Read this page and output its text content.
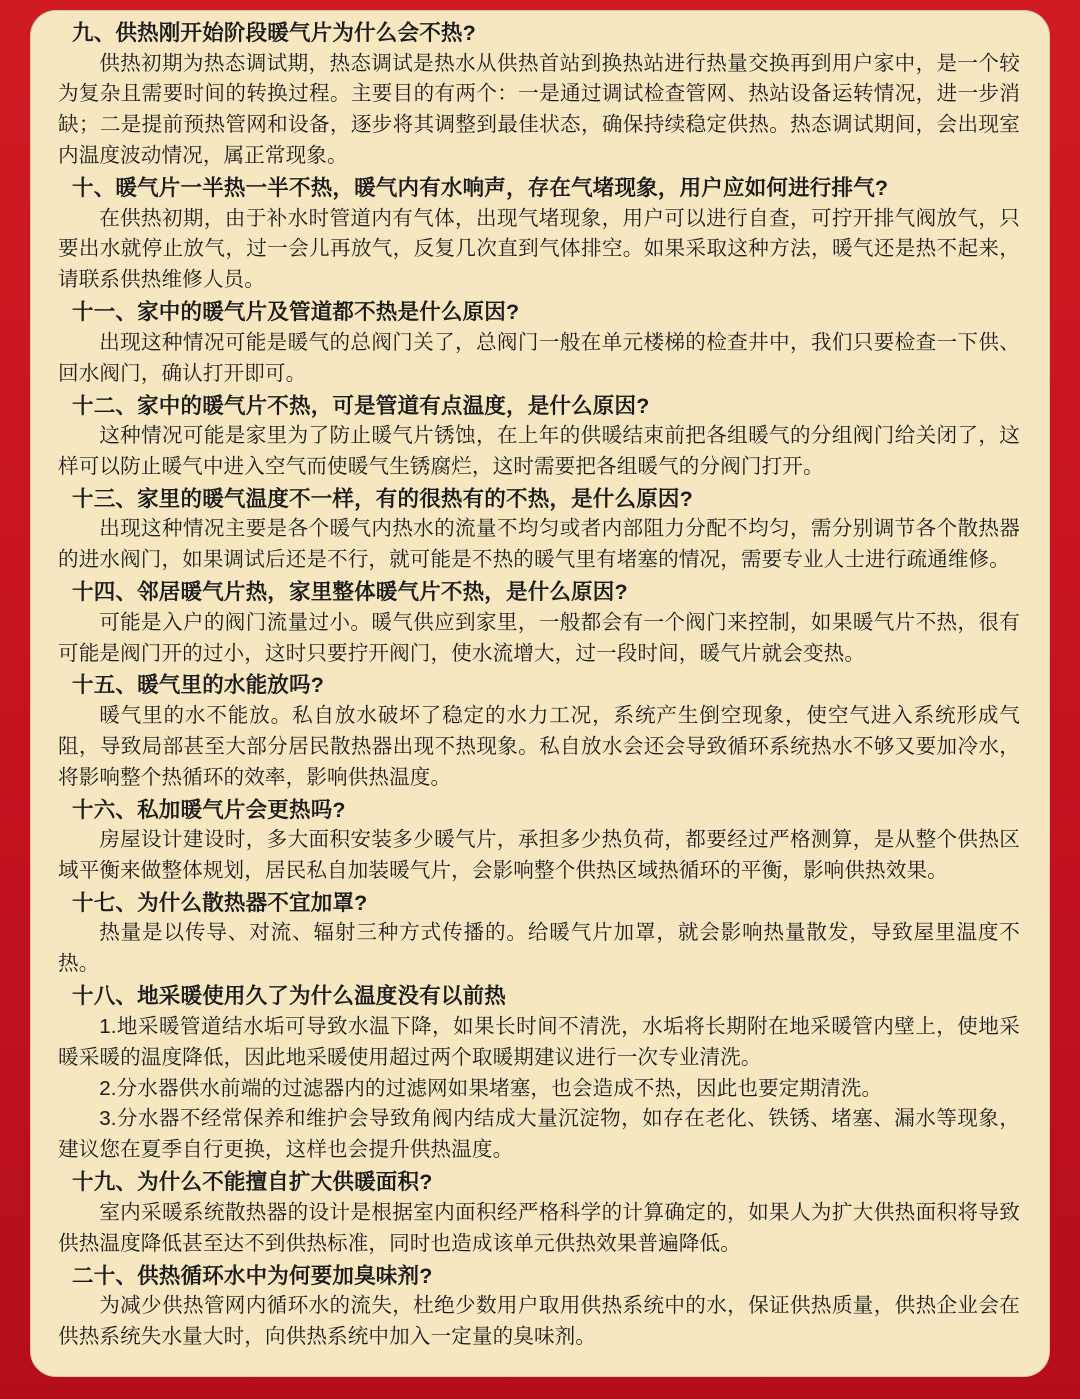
九、供热刚开始阶段暖气片为什么会不热?

供热初期为热态调试期，热态调试是热水从供热首站到换热站进行热量交换再到用户家中，是一个较为复杂且需要时间的转换过程。主要目的有两个：一是通过调试检查管网、热站设备运转情况，进一步消缺；二是提前预热管网和设备，逐步将其调整到最佳状态，确保持续稳定供热。热态调试期间，会出现室内温度波动情况，属正常现象。

十、暖气片一半热一半不热，暖气内有水响声，存在气堵现象，用户应如何进行排气?

在供热初期，由于补水时管道内有气体，出现气堵现象，用户可以进行自查，可拧开排气阀放气，只要出水就停止放气，过一会儿再放气，反复几次直到气体排空。如果采取这种方法，暖气还是热不起来，请联系供热维修人员。

十一、家中的暖气片及管道都不热是什么原因?

出现这种情况可能是暖气的总阀门关了，总阀门一般在单元楼梯的检查井中，我们只要检查一下供、回水阀门，确认打开即可。

十二、家中的暖气片不热，可是管道有点温度，是什么原因?

这种情况可能是家里为了防止暖气片锈蚀，在上年的供暖结束前把各组暖气的分组阀门给关闭了，这样可以防止暖气中进入空气而使暖气生锈腐烂，这时需要把各组暖气的分阀门打开。

十三、家里的暖气温度不一样，有的很热有的不热，是什么原因?

出现这种情况主要是各个暖气内热水的流量不均匀或者内部阻力分配不均匀，需分别调节各个散热器的进水阀门，如果调试后还是不行，就可能是不热的暖气里有堵塞的情况，需要专业人士进行疏通维修。

十四、邻居暖气片热，家里整体暖气片不热，是什么原因?

可能是入户的阀门流量过小。暖气供应到家里，一般都会有一个阀门来控制，如果暖气片不热，很有可能是阀门开的过小，这时只要拧开阀门，使水流增大，过一段时间，暖气片就会变热。

十五、暖气里的水能放吗?

暖气里的水不能放。私自放水破坏了稳定的水力工况，系统产生倒空现象，使空气进入系统形成气阻，导致局部甚至大部分居民散热器出现不热现象。私自放水会还会导致循环系统热水不够又要加冷水，将影响整个热循环的效率，影响供热温度。

十六、私加暖气片会更热吗?

房屋设计建设时，多大面积安装多少暖气片，承担多少热负荷，都要经过严格测算，是从整个供热区域平衡来做整体规划，居民私自加装暖气片，会影响整个供热区域热循环的平衡，影响供热效果。

十七、为什么散热器不宜加罩?

热量是以传导、对流、辐射三种方式传播的。给暖气片加罩，就会影响热量散发，导致屋里温度不热。

十八、地采暖使用久了为什么温度没有以前热

1.地采暖管道结水垢可导致水温下降，如果长时间不清洗，水垢将长期附在地采暖管内壁上，使地采暖采暖的温度降低，因此地采暖使用超过两个取暖期建议进行一次专业清洗。

2.分水器供水前端的过滤器内的过滤网如果堵塞，也会造成不热，因此也要定期清洗。

3.分水器不经常保养和维护会导致角阀内结成大量沉淀物，如存在老化、铁锈、堵塞、漏水等现象，建议您在夏季自行更换，这样也会提升供热温度。

十九、为什么不能擅自扩大供暖面积?

室内采暖系统散热器的设计是根据室内面积经严格科学的计算确定的，如果人为扩大供热面积将导致供热温度降低甚至达不到供热标准，同时也造成该单元供热效果普遍降低。

二十、供热循环水中为何要加臭味剂?

为减少供热管网内循环水的流失，杜绝少数用户取用供热系统中的水，保证供热质量，供热企业会在供热系统失水量大时，向供热系统中加入一定量的臭味剂。
